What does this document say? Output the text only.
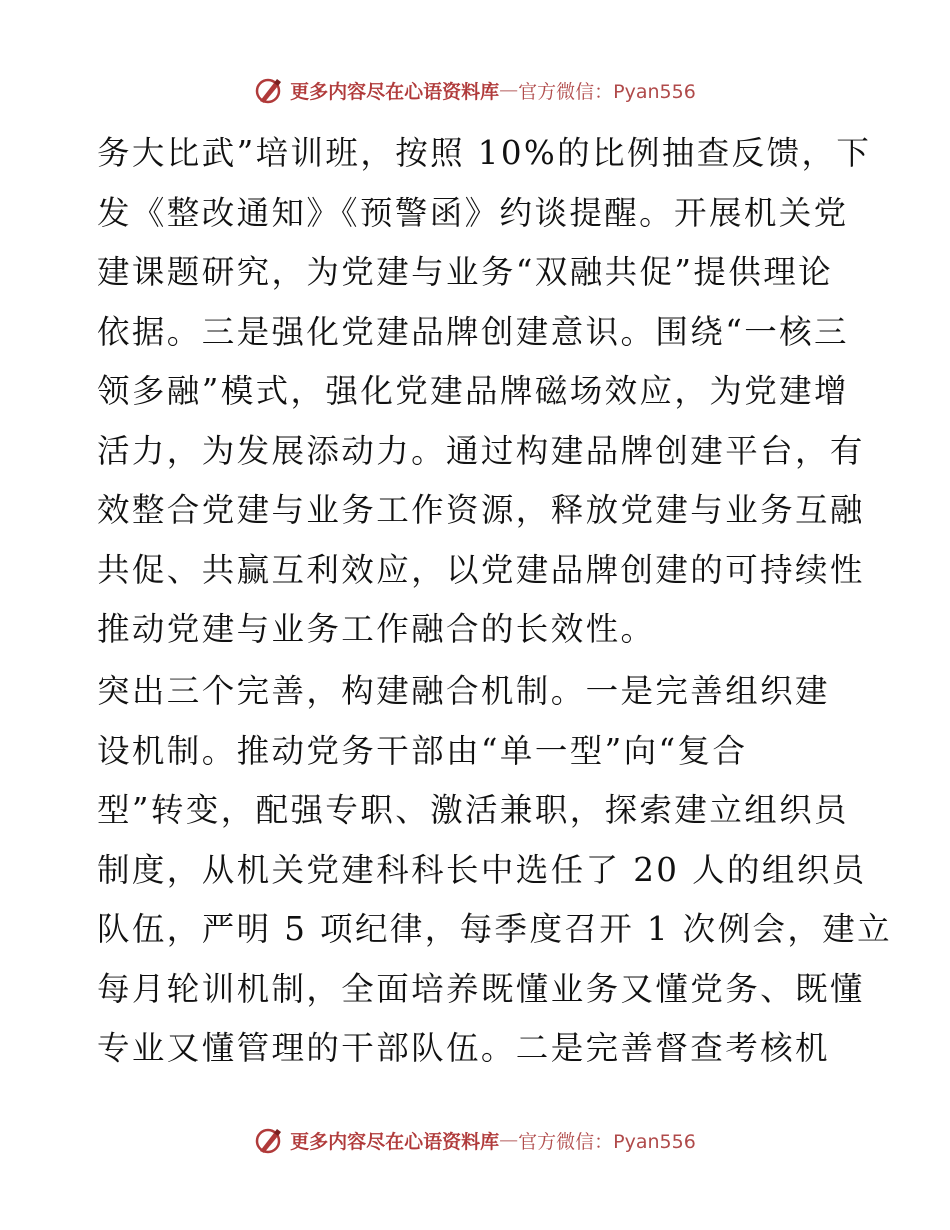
更多内容尽在心语资料库 — 官方微信：Pyan556
务大比武”培训班，按照 10%的比例抽查反馈，下
发《整改通知》《预警函》约谈提醒。开展机关党
建课题研究，为党建与业务“双融共促”提供理论
依据。三是强化党建品牌创建意识。围绕“一核三
领多融”模式，强化党建品牌磁场效应，为党建增
活力，为发展添动力。通过构建品牌创建平台，有
效整合党建与业务工作资源，释放党建与业务互融
共促、共赢互利效应，以党建品牌创建的可持续性
推动党建与业务工作融合的长效性。
突出三个完善，构建融合机制。一是完善组织建
设机制。推动党务干部由“单一型”向“复合
型”转变，配强专职、激活兼职，探索建立组织员
制度，从机关党建科科长中选任了 20 人的组织员
队伍，严明 5 项纪律，每季度召开 1 次例会，建立
每月轮训机制，全面培养既懂业务又懂党务、既懂
专业又懂管理的干部队伍。二是完善督查考核机
更多内容尽在心语资料库 — 官方微信：Pyan556
